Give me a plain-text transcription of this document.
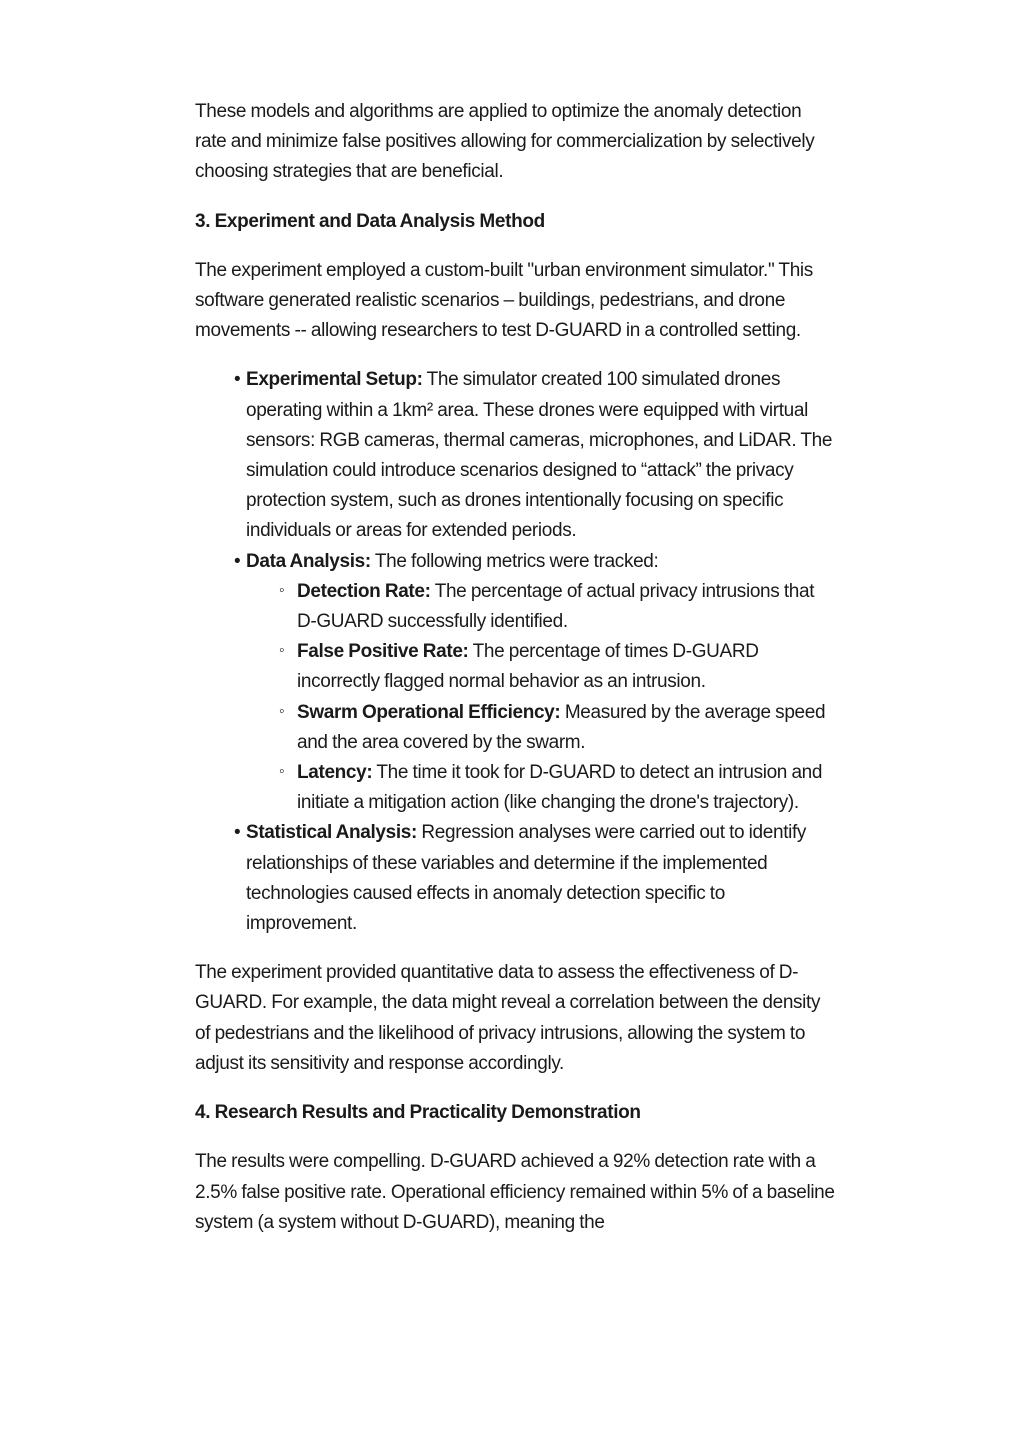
These models and algorithms are applied to optimize the anomaly detection rate and minimize false positives allowing for commercialization by selectively choosing strategies that are beneficial.

3. Experiment and Data Analysis Method

The experiment employed a custom-built "urban environment simulator." This software generated realistic scenarios – buildings, pedestrians, and drone movements -- allowing researchers to test D-GUARD in a controlled setting.

• Experimental Setup: The simulator created 100 simulated drones operating within a 1km² area. These drones were equipped with virtual sensors: RGB cameras, thermal cameras, microphones, and LiDAR. The simulation could introduce scenarios designed to “attack” the privacy protection system, such as drones intentionally focusing on specific individuals or areas for extended periods.
• Data Analysis: The following metrics were tracked:
◦ Detection Rate: The percentage of actual privacy intrusions that D-GUARD successfully identified.
◦ False Positive Rate: The percentage of times D-GUARD incorrectly flagged normal behavior as an intrusion.
◦ Swarm Operational Efficiency: Measured by the average speed and the area covered by the swarm.
◦ Latency: The time it took for D-GUARD to detect an intrusion and initiate a mitigation action (like changing the drone's trajectory).
• Statistical Analysis: Regression analyses were carried out to identify relationships of these variables and determine if the implemented technologies caused effects in anomaly detection specific to improvement.

The experiment provided quantitative data to assess the effectiveness of D-GUARD. For example, the data might reveal a correlation between the density of pedestrians and the likelihood of privacy intrusions, allowing the system to adjust its sensitivity and response accordingly.

4. Research Results and Practicality Demonstration

The results were compelling. D-GUARD achieved a 92% detection rate with a 2.5% false positive rate. Operational efficiency remained within 5% of a baseline system (a system without D-GUARD), meaning the
